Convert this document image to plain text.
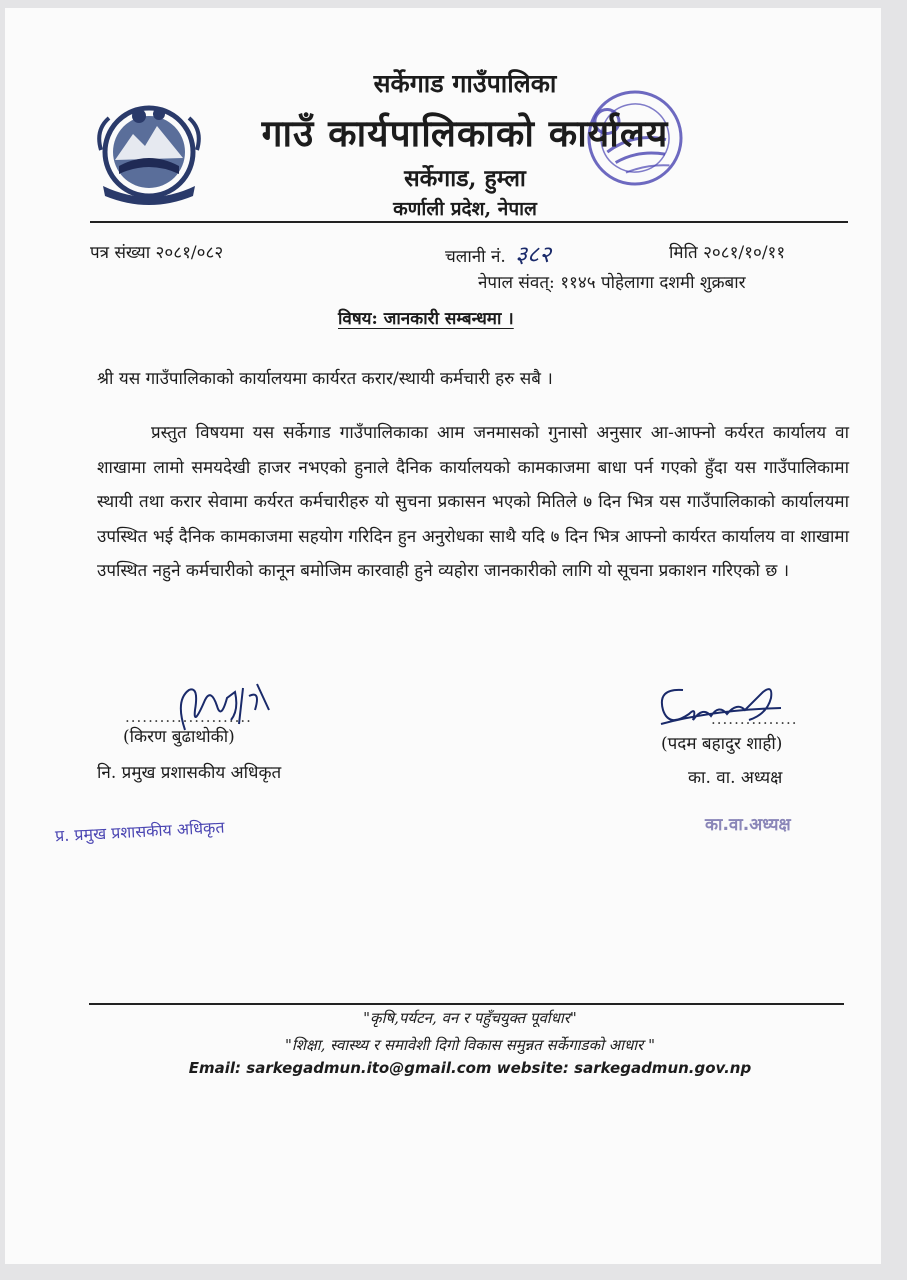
सर्केगाड गाउँपालिका
गाउँ कार्यपालिकाको कार्यालय
सर्केगाड, हुम्ला
कर्णाली प्रदेश, नेपाल
पत्र संख्या २०८१/०८२	चलानी नं. ३८२	मिति २०८१/१०/११
नेपाल संवत्: ११४५ पोहेलागा दशमी शुक्रबार
विषय: जानकारी सम्बन्धमा ।
श्री यस गाउँपालिकाको कार्यालयमा कार्यरत करार/स्थायी कर्मचारी हरु सबै ।
प्रस्तुत विषयमा यस सर्केगाड गाउँपालिकाका आम जनमासको गुनासो अनुसार आ-आफ्नो कर्यरत कार्यालय वा शाखामा लामो समयदेखी हाजर नभएको हुनाले दैनिक कार्यालयको कामकाजमा बाधा पर्न गएको हुँदा यस गाउँपालिकामा स्थायी तथा करार सेवामा कर्यरत कर्मचारीहरु यो सुचना प्रकासन भएको मितिले ७ दिन भित्र यस गाउँपालिकाको कार्यालयमा उपस्थित भई दैनिक कामकाजमा सहयोग गरिदिन हुन अनुरोधका साथै यदि ७ दिन भित्र आफ्नो कार्यरत कार्यालय वा शाखामा उपस्थित नहुने कर्मचारीको कानून बमोजिम कारवाही हुने व्यहोरा जानकारीको लागि यो सूचना प्रकाशन गरिएको छ ।
......................
(किरण बुढाथोकी)
नि. प्रमुख प्रशासकीय अधिकृत
प्र. प्रमुख प्रशासकीय अधिकृत
...............
(पदम बहादुर शाही)
का. वा. अध्यक्ष
का.वा.अध्यक्ष
"कृषि,पर्यटन, वन र पहुँचयुक्त पूर्वाधार"
"शिक्षा, स्वास्थ्य र समावेशी दिगो विकास समुन्नत सर्केगाडको आधार "
Email: sarkegadmun.ito@gmail.com website: sarkegadmun.gov.np
